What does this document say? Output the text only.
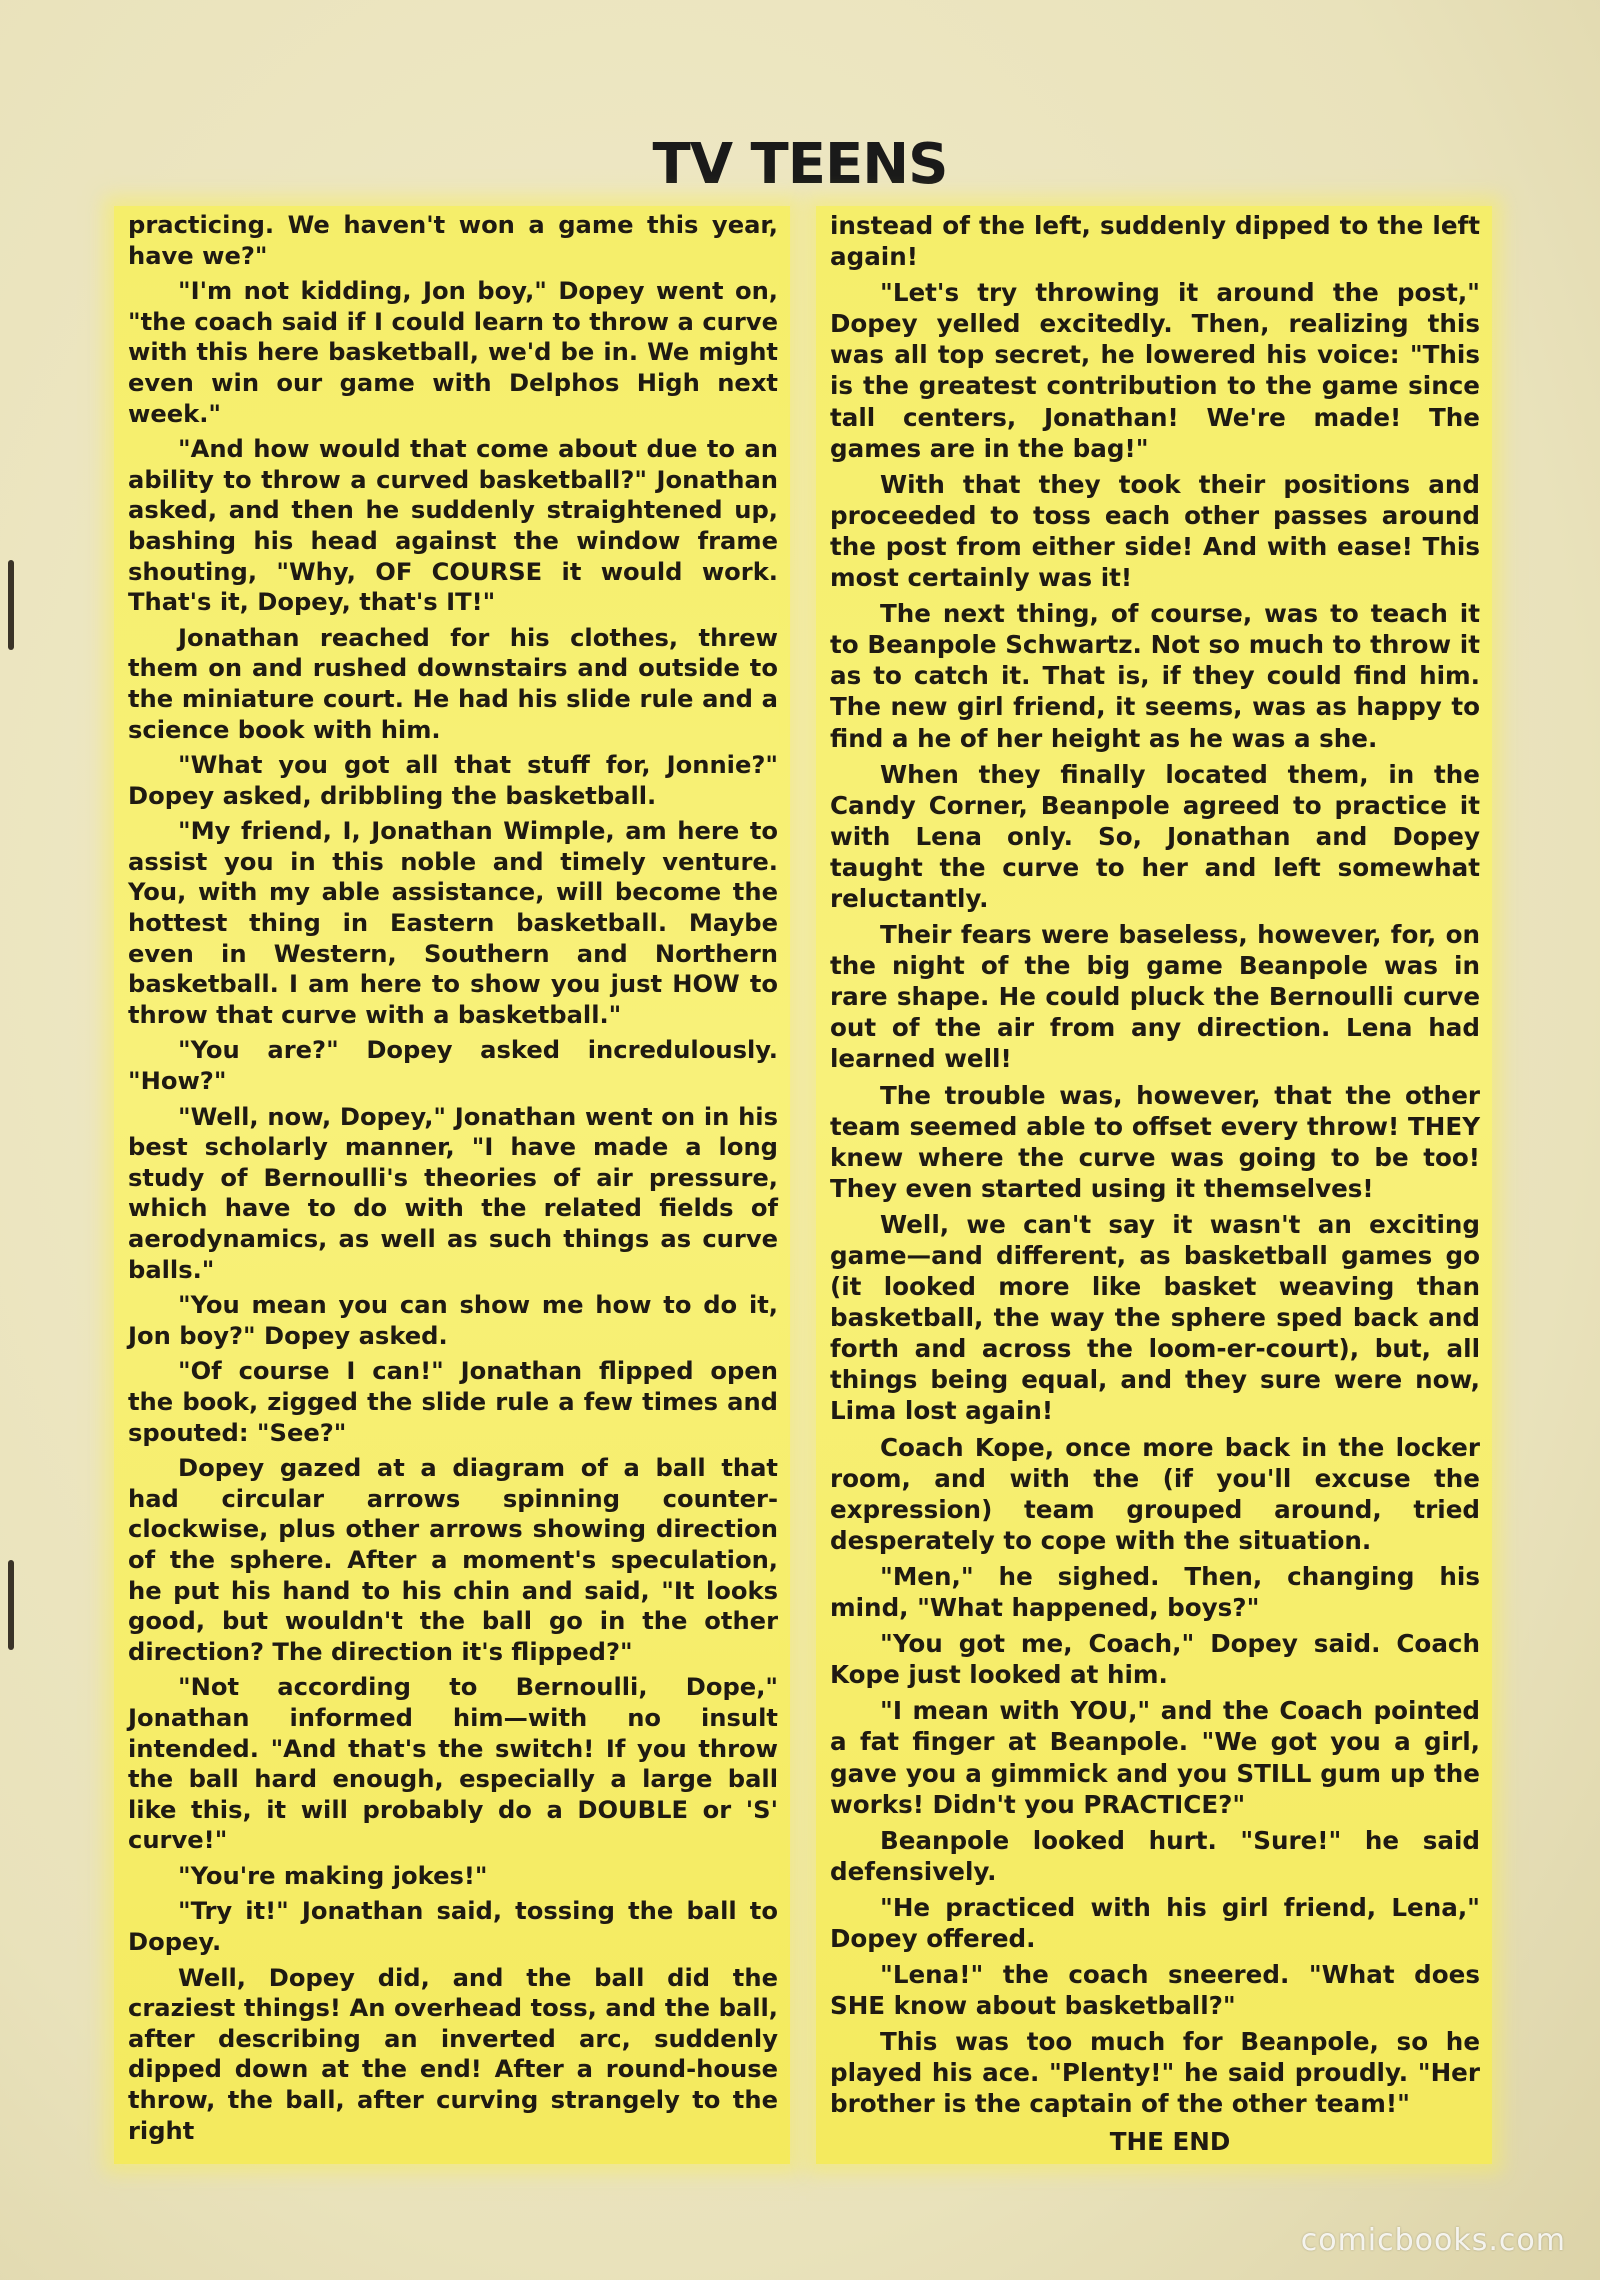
TV TEENS

practicing. We haven't won a game this year, have we?"

"I'm not kidding, Jon boy," Dopey went on, "the coach said if I could learn to throw a curve with this here basketball, we'd be in. We might even win our game with Delphos High next week."

"And how would that come about due to an ability to throw a curved basketball?" Jonathan asked, and then he suddenly straightened up, bashing his head against the window frame shouting, "Why, OF COURSE it would work. That's it, Dopey, that's IT!"

Jonathan reached for his clothes, threw them on and rushed downstairs and outside to the miniature court. He had his slide rule and a science book with him.

"What you got all that stuff for, Jonnie?" Dopey asked, dribbling the basketball.

"My friend, I, Jonathan Wimple, am here to assist you in this noble and timely venture. You, with my able assistance, will become the hottest thing in Eastern basketball. Maybe even in Western, Southern and Northern basketball. I am here to show you just HOW to throw that curve with a basketball."

"You are?" Dopey asked incredulously. "How?"

"Well, now, Dopey," Jonathan went on in his best scholarly manner, "I have made a long study of Bernoulli's theories of air pressure, which have to do with the related fields of aerodynamics, as well as such things as curve balls."

"You mean you can show me how to do it, Jon boy?" Dopey asked.

"Of course I can!" Jonathan flipped open the book, zigged the slide rule a few times and spouted: "See?"

Dopey gazed at a diagram of a ball that had circular arrows spinning counter-clockwise, plus other arrows showing direction of the sphere. After a moment's speculation, he put his hand to his chin and said, "It looks good, but wouldn't the ball go in the other direction? The direction it's flipped?"

"Not according to Bernoulli, Dope," Jonathan informed him—with no insult intended. "And that's the switch! If you throw the ball hard enough, especially a large ball like this, it will probably do a DOUBLE or 'S' curve!"

"You're making jokes!"

"Try it!" Jonathan said, tossing the ball to Dopey.

Well, Dopey did, and the ball did the craziest things! An overhead toss, and the ball, after describing an inverted arc, suddenly dipped down at the end! After a round-house throw, the ball, after curving strangely to the right

instead of the left, suddenly dipped to the left again!

"Let's try throwing it around the post," Dopey yelled excitedly. Then, realizing this was all top secret, he lowered his voice: "This is the greatest contribution to the game since tall centers, Jonathan! We're made! The games are in the bag!"

With that they took their positions and proceeded to toss each other passes around the post from either side! And with ease! This most certainly was it!

The next thing, of course, was to teach it to Beanpole Schwartz. Not so much to throw it as to catch it. That is, if they could find him. The new girl friend, it seems, was as happy to find a he of her height as he was a she.

When they finally located them, in the Candy Corner, Beanpole agreed to practice it with Lena only. So, Jonathan and Dopey taught the curve to her and left somewhat reluctantly.

Their fears were baseless, however, for, on the night of the big game Beanpole was in rare shape. He could pluck the Bernoulli curve out of the air from any direction. Lena had learned well!

The trouble was, however, that the other team seemed able to offset every throw! THEY knew where the curve was going to be too! They even started using it themselves!

Well, we can't say it wasn't an exciting game—and different, as basketball games go (it looked more like basket weaving than basketball, the way the sphere sped back and forth and across the loom-er-court), but, all things being equal, and they sure were now, Lima lost again!

Coach Kope, once more back in the locker room, and with the (if you'll excuse the expression) team grouped around, tried desperately to cope with the situation.

"Men," he sighed. Then, changing his mind, "What happened, boys?"

"You got me, Coach," Dopey said. Coach Kope just looked at him.

"I mean with YOU," and the Coach pointed a fat finger at Beanpole. "We got you a girl, gave you a gimmick and you STILL gum up the works! Didn't you PRACTICE?"

Beanpole looked hurt. "Sure!" he said defensively.

"He practiced with his girl friend, Lena," Dopey offered.

"Lena!" the coach sneered. "What does SHE know about basketball?"

This was too much for Beanpole, so he played his ace. "Plenty!" he said proudly. "Her brother is the captain of the other team!"

THE END
comicbooks.com
